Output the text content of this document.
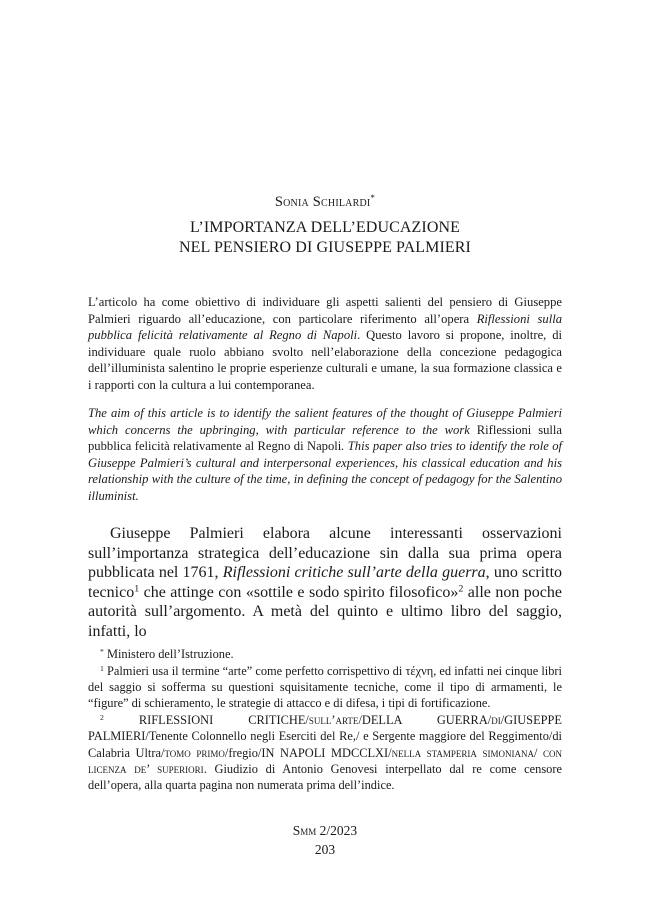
Sonia Schilardi*
L’IMPORTANZA DELL’EDUCAZIONE
NEL PENSIERO DI GIUSEPPE PALMIERI

L’articolo ha come obiettivo di individuare gli aspetti salienti del pensiero di Giuseppe Palmieri riguardo all’educazione, con particolare riferimento all’opera Riflessioni sulla pubblica felicità relativamente al Regno di Napoli. Questo lavoro si propone, inoltre, di individuare quale ruolo abbiano svolto nell’elaborazione della concezione pedagogica dell’illuminista salentino le proprie esperienze culturali e umane, la sua formazione classica e i rapporti con la cultura a lui contemporanea.

The aim of this article is to identify the salient features of the thought of Giuseppe Palmieri which concerns the upbringing, with particular reference to the work Riflessioni sulla pubblica felicità relativamente al Regno di Napoli. This paper also tries to identify the role of Giuseppe Palmieri’s cultural and interpersonal experiences, his classical education and his relationship with the culture of the time, in defining the concept of pedagogy for the Salentino illuminist.

Giuseppe Palmieri elabora alcune interessanti osservazioni sull’importanza strategica dell’educazione sin dalla sua prima opera pubblicata nel 1761, Riflessioni critiche sull’arte della guerra, uno scritto tecnico$^1$ che attinge con «sottile e sodo spirito filosofico»$^2$ alle non poche autorità sull’argomento. A metà del quinto e ultimo libro del saggio, infatti, lo

* Ministero dell’Istruzione.

$^1$ Palmieri usa il termine “arte” come perfetto corrispettivo di τέχνη, ed infatti nei cinque libri del saggio si sofferma su questioni squisitamente tecniche, come il tipo di armamenti, le “figure” di schieramento, le strategie di attacco e di difesa, i tipi di fortificazione.

$^2$	RIFLESSIONI CRITICHE/sull’arte/DELLA GUERRA/di/GIUSEPPE PALMIERI/Tenente Colonnello negli Eserciti del Re,/ e Sergente maggiore del Reggimento/di Calabria Ultra/tomo primo/fregio/IN NAPOLI MDCCLXI/nella stamperia simoniana/ con licenza de’ superiori. Giudizio di Antonio Genovesi interpellato dal re come censore dell’opera, alla quarta pagina non numerata prima dell’indice.

Smm 2/2023
203
